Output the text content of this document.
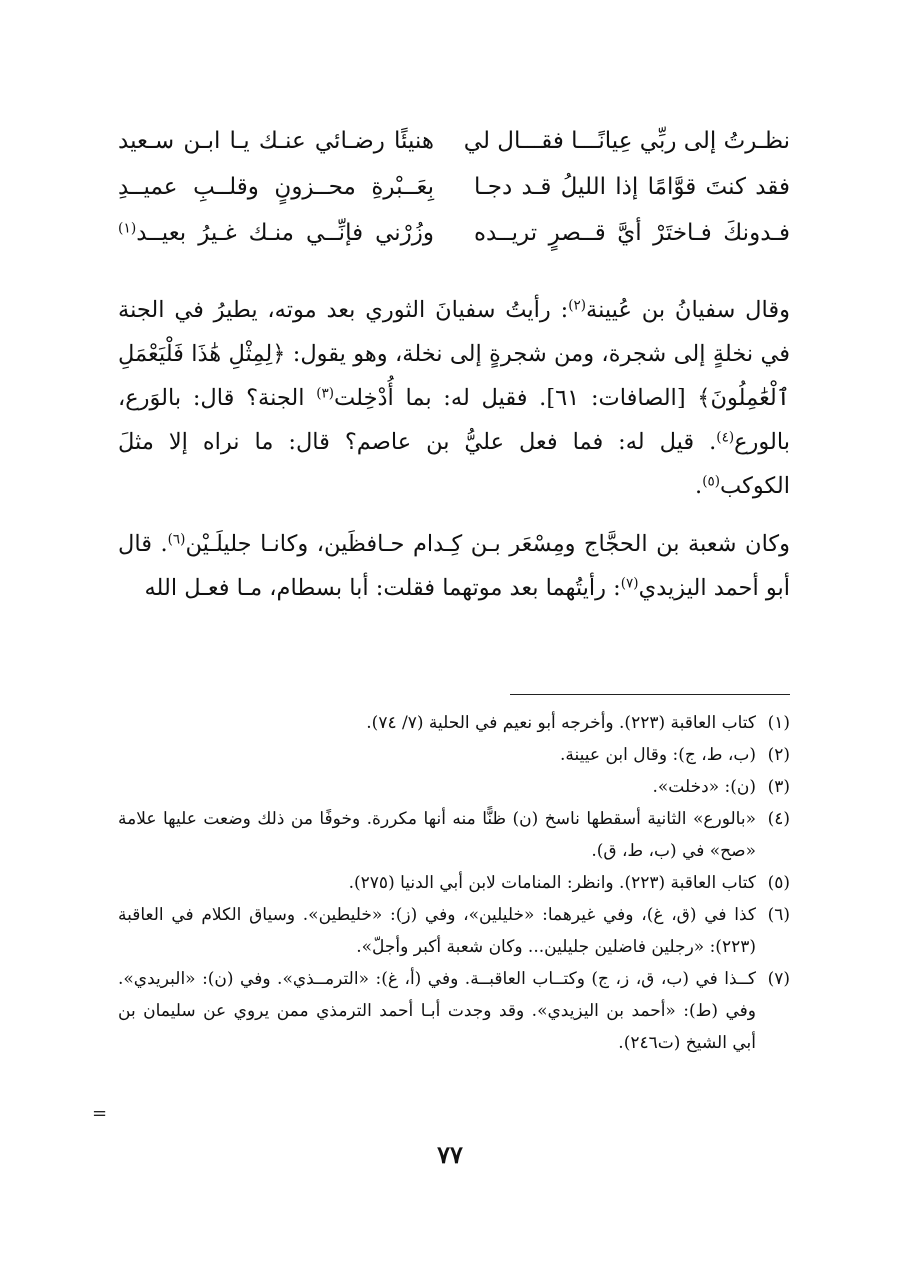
نظـرتُ إلى ربِّي عِيانًـــا فقـــال لي
هنيئًا رضـائي عنـك يـا ابـن سـعيد
فقد كنتَ قوَّامًا إذا الليلُ قـد دجـا
بِعَــبْرةِ محــزونٍ وقلــبِ عميــدِ
فـدونكَ فـاختَرْ أيَّ قــصرٍ تريــده
وزُرْني فإنِّــي منـك غـيرُ بعيــد$^{(١)}$

وقال سفيانُ بن عُيينة$^{(٢)}$: رأيتُ سفيانَ الثوري بعد موته، يطيرُ في الجنة في نخلةٍ إلى شجرة، ومن شجرةٍ إلى نخلة، وهو يقول: ﴿لِمِثْلِ هَٰذَا فَلْيَعْمَلِ ٱلْعَٰمِلُونَ﴾ [الصافات: ٦١]. فقيل له: بما أُدْخِلت$^{(٣)}$ الجنة؟ قال: بالوَرع، بالورع$^{(٤)}$. قيل له: فما فعل عليُّ بن عاصم؟ قال: ما نراه إلا مثلَ الكوكب$^{(٥)}$.

وكان شعبة بن الحجَّاج ومِسْعَر بـن كِـدام حـافظَين، وكانـا جليلَـيْن$^{(٦)}$. قال أبو أحمد اليزيدي$^{(٧)}$: رأيتُهما بعد موتهما فقلت: أبا بسطام، مـا فعـل الله

(١)
كتاب العاقبة (٢٢٣). وأخرجه أبو نعيم في الحلية (٧/ ٧٤).
(٢)
(ب، ط، ج): وقال ابن عيينة.
(٣)
(ن): «دخلت».
(٤)
«بالورع» الثانية أسقطها ناسخ (ن) ظنًّا منه أنها مكررة. وخوفًا من ذلك وضعت عليها علامة «صح» في (ب، ط، ق).
(٥)
كتاب العاقبة (٢٢٣). وانظر: المنامات لابن أبي الدنيا (٢٧٥).
(٦)
كذا في (ق، غ)، وفي غيرهما: «خليلين»، وفي (ز): «خليطين». وسياق الكلام في العاقبة (٢٢٣): «رجلين فاضلين جليلين... وكان شعبة أكبر وأجلّ».
(٧)
كــذا في (ب، ق، ز، ج) وكتــاب العاقبــة. وفي (أ، غ): «الترمــذي». وفي (ن): «البريدي». وفي (ط): «أحمد بن اليزيدي». وقد وجدت أبـا أحمد الترمذي ممن يروي عن سليمان بن أبي الشيخ (ت٢٤٦).
=
٧٧
